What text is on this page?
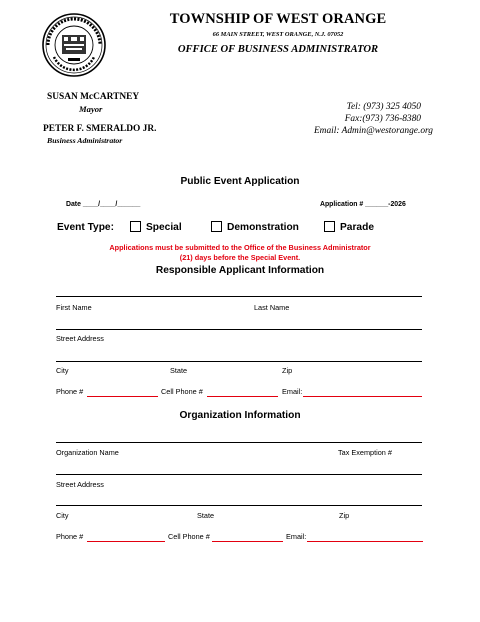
TOWNSHIP OF WEST ORANGE
66 MAIN STREET, WEST ORANGE, N.J. 07052
OFFICE OF BUSINESS ADMINISTRATOR
SUSAN McCARTNEY
Mayor
PETER F. SMERALDO JR.
Business Administrator
Tel: (973) 325 4050
Fax:(973) 736-8380
Email: Admin@westorange.org
Public Event Application
Date ____/____/______	Application # ______-2026
Event Type:	Special	Demonstration	Parade
Applications must be submitted to the Office of the Business Administrator
(21) days before the Special Event.
Responsible Applicant Information
First Name	Last Name
Street Address
City	State	Zip
Phone #	Cell Phone #	Email:
Organization Information
Organization Name	Tax Exemption #
Street Address
City	State	Zip
Phone #	Cell Phone #	Email:
